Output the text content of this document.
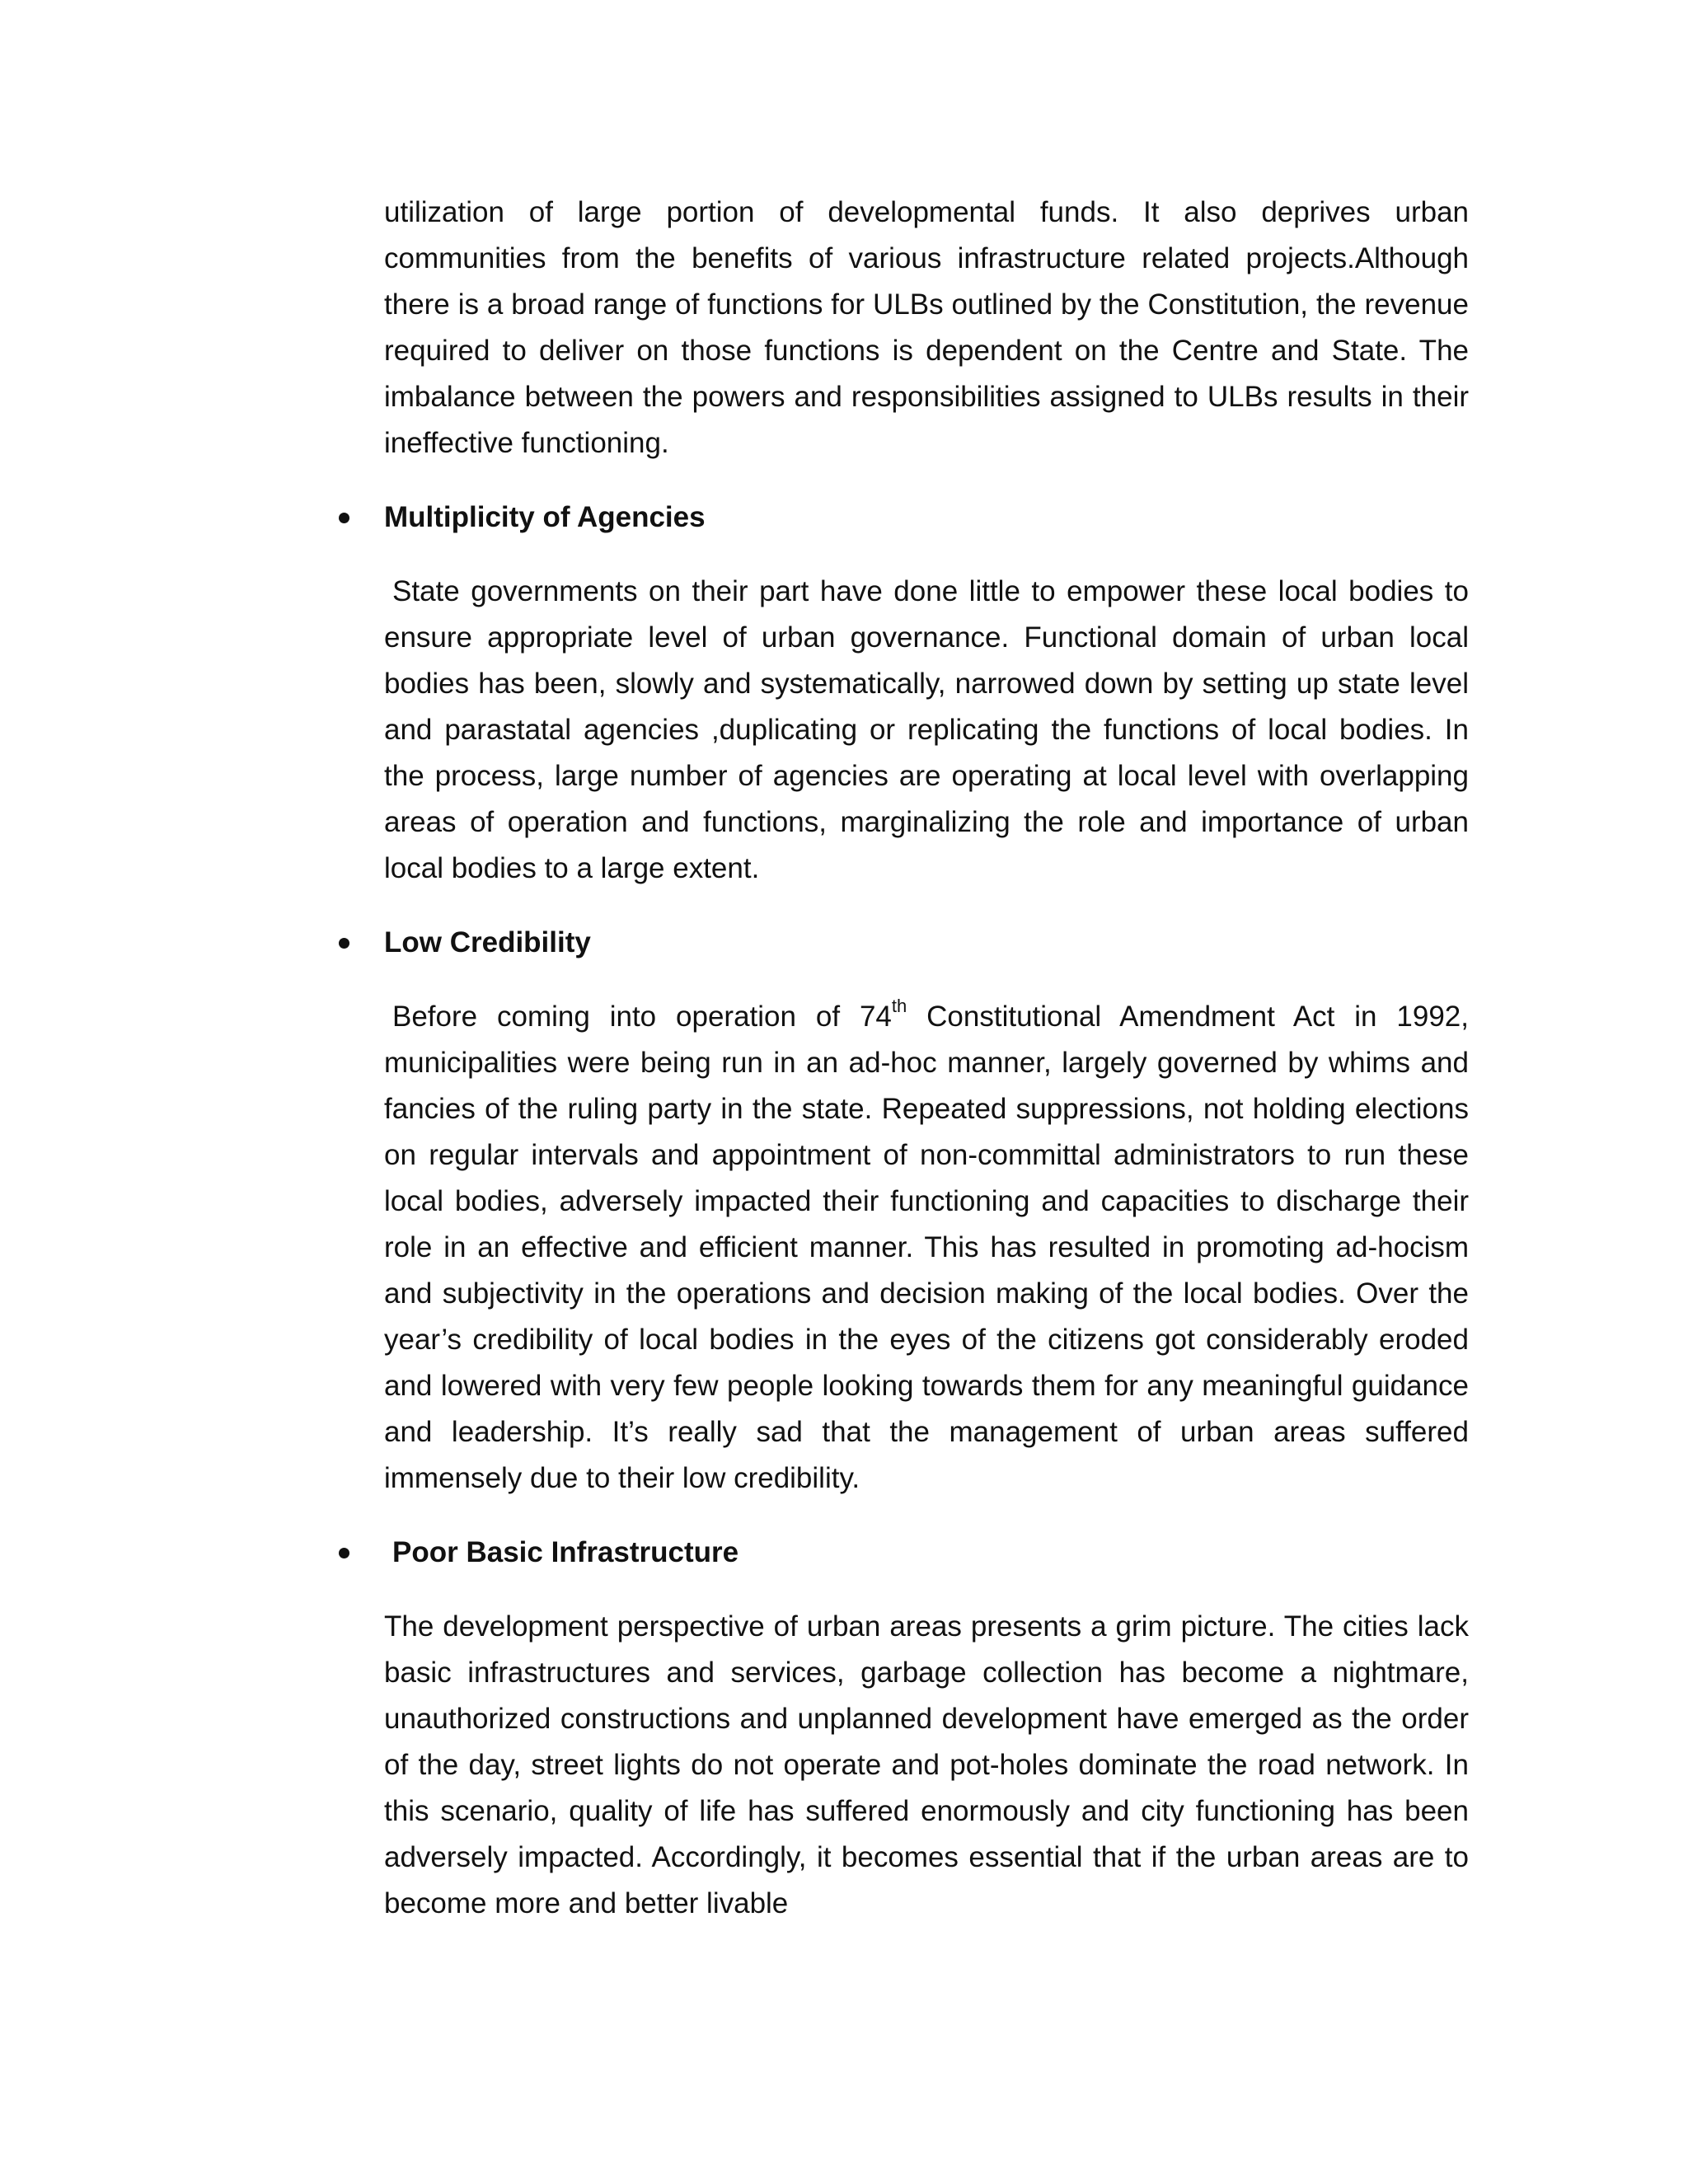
utilization of large portion of developmental funds. It also deprives urban communities from the benefits of various infrastructure related projects.Although there is a broad range of functions for ULBs outlined by the Constitution, the revenue required to deliver on those functions is dependent on the Centre and State. The imbalance between the powers and responsibilities assigned to ULBs results in their ineffective functioning.

Multiplicity of Agencies

State governments on their part have done little to empower these local bodies to ensure appropriate level of urban governance. Functional domain of urban local bodies has been, slowly and systematically, narrowed down by setting up state level and parastatal agencies ,duplicating or replicating the functions of local bodies. In the process, large number of agencies are operating at local level with overlapping areas of operation and functions, marginalizing the role and importance of urban local bodies to a large extent.

Low Credibility

Before coming into operation of 74th Constitutional Amendment Act in 1992, municipalities were being run in an ad-hoc manner, largely governed by whims and fancies of the ruling party in the state. Repeated suppressions, not holding elections on regular intervals and appointment of non-committal administrators to run these local bodies, adversely impacted their functioning and capacities to discharge their role in an effective and efficient manner. This has resulted in promoting ad-hocism and subjectivity in the operations and decision making of the local bodies. Over the year’s credibility of local bodies in the eyes of the citizens got considerably eroded and lowered with very few people looking towards them for any meaningful guidance and leadership. It’s really sad that the management of urban areas suffered immensely due to their low credibility.

Poor Basic Infrastructure

The development perspective of urban areas presents a grim picture. The cities lack basic infrastructures and services, garbage collection has become a nightmare, unauthorized constructions and unplanned development have emerged as the order of the day, street lights do not operate and pot-holes dominate the road network. In this scenario, quality of life has suffered enormously and city functioning has been adversely impacted. Accordingly, it becomes essential that if the urban areas are to become more and better livable
